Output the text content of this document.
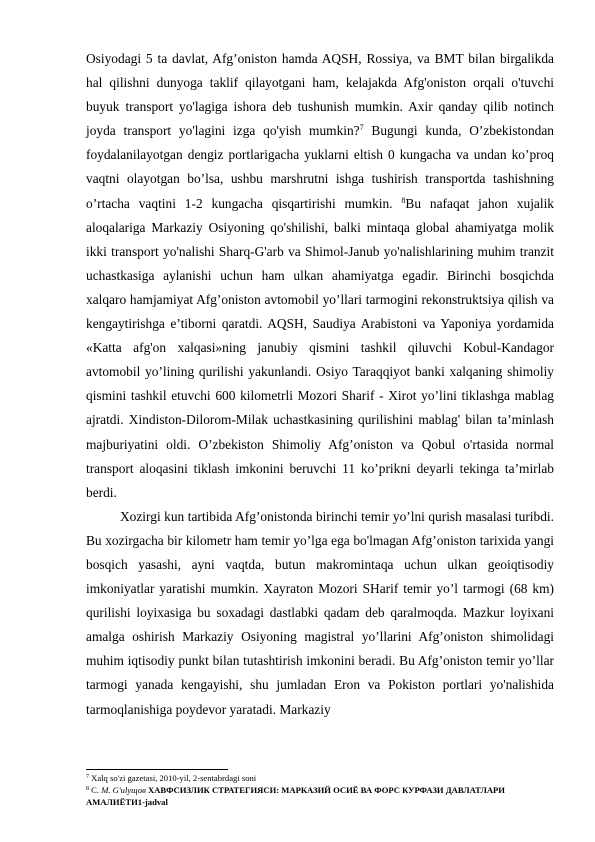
Osiyodagi 5 ta davlat, Afg’oniston hamda AQSH, Rossiya, va BMT bilan birgalikda hal qilishni dunyoga taklif qilayotgani ham, kelajakda Afg'oniston orqali o'tuvchi buyuk transport yo'lagiga ishora deb tushunish mumkin. Axir qanday qilib notinch joyda transport yo'lagini izga qo'yish mumkin?$^7$ Bugungi kunda, O’zbekistondan foydalanilayotgan dengiz portlarigacha yuklarni eltish 0 kungacha va undan ko’proq vaqtni olayotgan bo’lsa, ushbu marshrutni ishga tushirish transportda tashishning o’rtacha vaqtini 1-2 kungacha qisqartirishi mumkin. $^8$Bu nafaqat jahon xujalik aloqalariga Markaziy Osiyoning qo'shilishi, balki mintaqa global ahamiyatga molik ikki transport yo'nalishi Sharq-G'arb va Shimol-Janub yo'nalishlarining muhim tranzit uchastkasiga aylanishi uchun ham ulkan ahamiyatga egadir. Birinchi bosqichda xalqaro hamjamiyat Afg’oniston avtomobil yo’llari tarmogini rekonstruktsiya qilish va kengaytirishga e’tiborni qaratdi. AQSH, Saudiya Arabistoni va Yaponiya yordamida «Katta afg'on xalqasi»ning janubiy qismini tashkil qiluvchi Kobul-Kandagor avtomobil yo’lining qurilishi yakunlandi. Osiyo Taraqqiyot banki xalqaning shimoliy qismini tashkil etuvchi 600 kilometrli Mozori Sharif - Xirot yo’lini tiklashga mablag ajratdi. Xindiston-Dilorom-Milak uchastkasining qurilishini mablag' bilan ta’minlash majburiyatini oldi. O’zbekiston Shimoliy Afg’oniston va Qobul o'rtasida normal transport aloqasini tiklash imkonini beruvchi 11 ko’prikni deyarli tekinga ta’mirlab berdi.

Xozirgi kun tartibida Afg’onistonda birinchi temir yo’lni qurish masalasi turibdi. Bu xozirgacha bir kilometr ham temir yo’lga ega bo'lmagan Afg’oniston tarixida yangi bosqich yasashi, ayni vaqtda, butun makromintaqa uchun ulkan geoiqtisodiy imkoniyatlar yaratishi mumkin. Xayraton Mozori SHarif temir yo’l tarmogi (68 km) qurilishi loyixasiga bu soxadagi dastlabki qadam deb qaralmoqda. Mazkur loyixani amalga oshirish Markaziy Osiyoning magistral yo’llarini Afg’oniston shimolidagi muhim iqtisodiy punkt bilan tutashtirish imkonini beradi. Bu Afg’oniston temir yo’llar tarmogi yanada kengayishi, shu jumladan Eron va Pokiston portlari yo'nalishida tarmoqlanishiga poydevor yaratadi. Markaziy

$^7$ Xalq so'zi gazetasi, 2010-yil, 2-sentabrdagi soni

$^8$ С. M. G'ulyщов ХАВФСИЗЛИК СТРАТЕГИЯСИ: МАРКАЗИЙ ОСИЁ ВА ФОРС КУРФАЗИ ДАВЛАТЛАРИ АМАЛИЁТИ1-jadval
